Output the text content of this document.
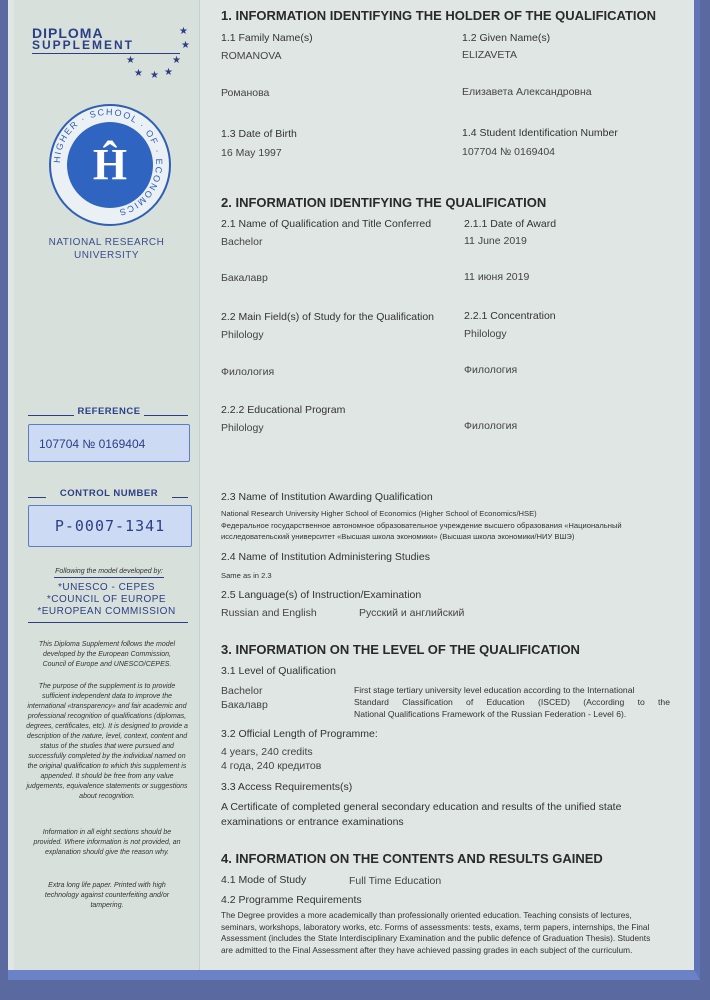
DIPLOMA
SUPPLEMENT
★
★
★
★
★ ★ ★
HIGHER · SCHOOL · OF · ECONOMICS
Ĥ
NATIONAL RESEARCH
UNIVERSITY
REFERENCE
107704 № 0169404
CONTROL NUMBER
P-0007-1341
Following the model developed by:
*UNESCO - CEPES
*COUNCIL OF EUROPE
*EUROPEAN COMMISSION
This Diploma Supplement follows the model developed by the European Commission, Council of Europe and UNESCO/CEPES.
The purpose of the supplement is to provide sufficient independent data to improve the international «transparency» and fair academic and professional recognition of qualifications (diplomas, degrees, certificates, etc). It is designed to provide a description of the nature, level, context, content and status of the studies that were pursued and successfully completed by the individual named on the original qualification to which this supplement is appended. It should be free from any value judgements, equivalence statements or suggestions about recognition.
Information in all eight sections should be provided. Where information is not provided, an explanation should give the reason why.
Extra long life paper. Printed with high technology against counterfeiting and/or tampering.
1. INFORMATION IDENTIFYING THE HOLDER OF THE QUALIFICATION
1.1 Family Name(s)
ROMANOVA
Романова
1.2 Given Name(s)
ELIZAVETA
Елизавета Александровна
1.3 Date of Birth
16 May 1997
1.4 Student Identification Number
107704 № 0169404
2. INFORMATION IDENTIFYING THE QUALIFICATION
2.1 Name of Qualification and Title Conferred
Bachelor
Бакалавр
2.1.1 Date of Award
11 June 2019
11 июня 2019
2.2 Main Field(s) of Study for the Qualification
Philology
Филология
2.2.1 Concentration
Philology
Филология
2.2.2 Educational Program
Philology	Филология
2.3 Name of Institution Awarding Qualification
National Research University Higher School of Economics (Higher School of Economics/HSE)
Федеральное государственное автономное образовательное учреждение высшего образования «Национальный
исследовательский университет «Высшая школа экономики» (Высшая школа экономики/НИУ ВШЭ)
2.4 Name of Institution Administering Studies
Same as in 2.3
2.5 Language(s) of Instruction/Examination
Russian and English	Русский и английский
3. INFORMATION ON THE LEVEL OF THE QUALIFICATION
3.1 Level of Qualification
Bachelor
Бакалавр
First stage tertiary university level education according to the International
Standard Classification of Education (ISCED) (According to the
National Qualifications Framework of the Russian Federation - Level 6).
3.2 Official Length of Programme:
4 years, 240 credits
4 года, 240 кредитов
3.3 Access Requirements(s)
A Certificate of completed general secondary education and results of the unified state
examinations or entrance examinations
4. INFORMATION ON THE CONTENTS AND RESULTS GAINED
4.1 Mode of Study	Full Time Education
4.2 Programme Requirements
The Degree provides a more academically than professionally oriented education. Teaching consists of lectures,
seminars, workshops, laboratory works, etc. Forms of assessments: tests, exams, term papers, internships, the Final
Assessment (includes the State Interdisciplinary Examination and the public defence of Graduation Thesis). Students
are admitted to the Final Assessment after they have achieved passing grades in each subject of the curriculum.
